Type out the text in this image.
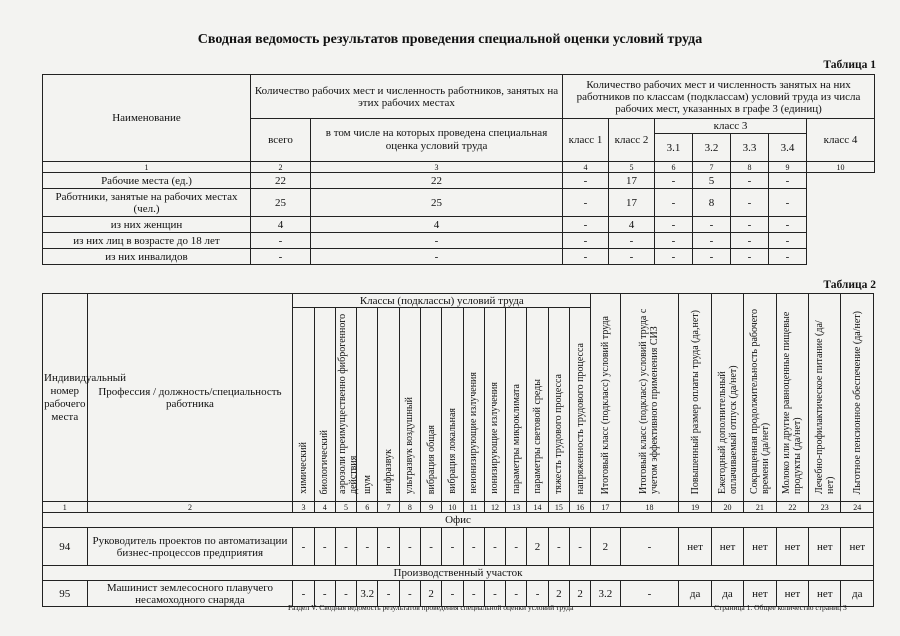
Сводная ведомость результатов проведения специальной оценки условий труда
Таблица 1
Наименование	Количество рабочих мест и численность работников, занятых на этих рабочих местах		Количество рабочих мест и численность занятых на них работников по классам (подклассам) условий труда из числа рабочих мест, указанных в графе 3 (единиц)						
	всего	в том числе на которых проведена специальная оценка условий труда	класс 1	класс 2	класс 3				класс 4
					3.1	3.2	3.3	3.4	
1	2	3	4	5	6	7	8	9	10
Рабочие места (ед.)	22	22	-	17	-	5	-	-	
Работники, занятые на рабочих местах (чел.)	25	25	-	17	-	8	-	-	
из них женщин	4	4	-	4	-	-	-	-	
из них лиц в возрасте до 18 лет	-	-	-	-	-	-	-	-	
из них инвалидов	-	-	-	-	-	-	-	-	
Таблица 2
Индивидуальный номер рабочего места	Профессия / должность/специальность работника	Классы (подклассы) условий труда														Итоговый класс (подкласс) условий труда	Итоговый класс (подкласс) условий труда с учетом эффективного применения СИЗ	Повышенный размер оплаты труда (да,нет)	Ежегодный дополнительный оплачиваемый отпуск (да/нет)	Сокращенная продолжительность рабочего времени (да/нет)	Молоко или другие равноценные пищевые продукты (да/нет)	Лечебно-профилактическое питание (да/нет)	Льготное пенсионное обеспечение (да/нет)
		химический	биологический	аэрозоли преимущественно фиброгенного действия	шум	инфразвук	ультразвук воздушный	вибрация общая	вибрация локальная	неионизирующие излучения	ионизирующие излучения	параметры микроклимата	параметры световой среды	тяжесть трудового процесса	напряженность трудового процесса								
1	2	3	4	5	6	7	8	9	10	11	12	13	14	15	16	17	18	19	20	21	22	23	24
Офис																							
94	Руководитель проектов по автоматизации бизнес-процессов предприятия	-	-	-	-	-	-	-	-	-	-	-	2	-	-	2	-	нет	нет	нет	нет	нет	нет
Производственный участок																							
95	Машинист землесосного плавучего несамоходного снаряда	-	-	-	3.2	-	-	2	-	-	-	-	-	2	2	3.2	-	да	да	нет	нет	нет	да
Раздел V. Сводная ведомость результатов проведения специальной оценки условий труда	Страница 1. Общее количество страниц 3
